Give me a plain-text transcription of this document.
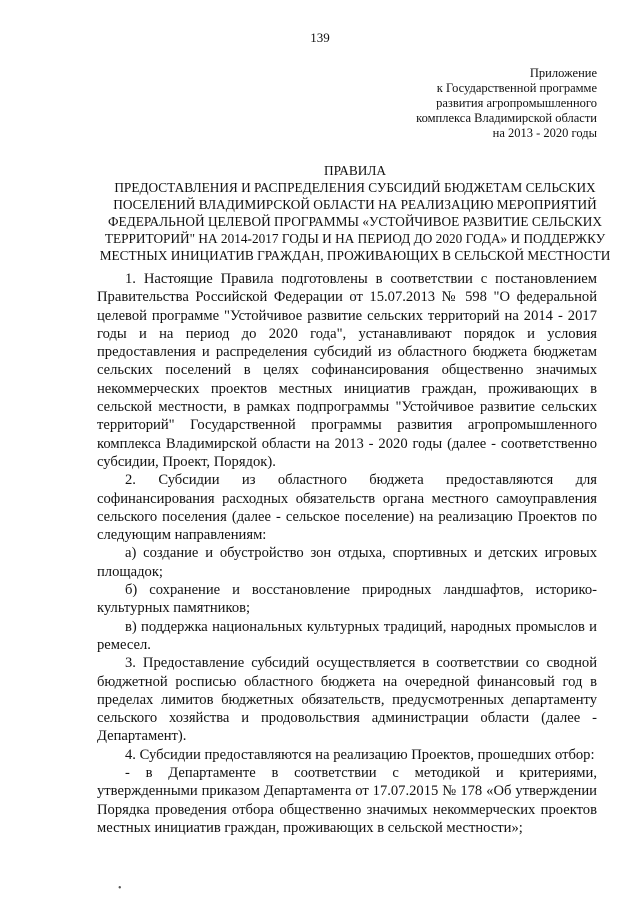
139
Приложение
к Государственной программе
развития агропромышленного
комплекса Владимирской области
на 2013 - 2020 годы
ПРАВИЛА
ПРЕДОСТАВЛЕНИЯ И РАСПРЕДЕЛЕНИЯ СУБСИДИЙ БЮДЖЕТАМ СЕЛЬСКИХ
ПОСЕЛЕНИЙ ВЛАДИМИРСКОЙ ОБЛАСТИ НА РЕАЛИЗАЦИЮ МЕРОПРИЯТИЙ
ФЕДЕРАЛЬНОЙ ЦЕЛЕВОЙ ПРОГРАММЫ «УСТОЙЧИВОЕ РАЗВИТИЕ СЕЛЬСКИХ
ТЕРРИТОРИЙ" НА 2014-2017 ГОДЫ И НА ПЕРИОД ДО 2020 ГОДА» И ПОДДЕРЖКУ
МЕСТНЫХ ИНИЦИАТИВ ГРАЖДАН, ПРОЖИВАЮЩИХ В СЕЛЬСКОЙ МЕСТНОСТИ

1. Настоящие Правила подготовлены в соответствии с постановлением Правительства Российской Федерации от 15.07.2013 № 598 "О федеральной целевой программе "Устойчивое развитие сельских территорий на 2014 - 2017 годы и на период до 2020 года", устанавливают порядок и условия предоставления и распределения субсидий из областного бюджета бюджетам сельских поселений в целях софинансирования общественно значимых некоммерческих проектов местных инициатив граждан, проживающих в сельской местности, в рамках подпрограммы "Устойчивое развитие сельских территорий" Государственной программы развития агропромышленного комплекса Владимирской области на 2013 - 2020 годы (далее - соответственно субсидии, Проект, Порядок).

2. Субсидии из областного бюджета предоставляются для софинансирования расходных обязательств органа местного самоуправления сельского поселения (далее - сельское поселение) на реализацию Проектов по следующим направлениям:

а) создание и обустройство зон отдыха, спортивных и детских игровых площадок;

б) сохранение и восстановление природных ландшафтов, историко-культурных памятников;

в) поддержка национальных культурных традиций, народных промыслов и ремесел.

3. Предоставление субсидий осуществляется в соответствии со сводной бюджетной росписью областного бюджета на очередной финансовый год в пределах лимитов бюджетных обязательств, предусмотренных департаменту сельского хозяйства и продовольствия администрации области (далее - Департамент).

4. Субсидии предоставляются на реализацию Проектов, прошедших отбор:

- в Департаменте в соответствии с методикой и критериями, утвержденными приказом Департамента от 17.07.2015 № 178 «Об утверждении Порядка проведения отбора общественно значимых некоммерческих проектов местных инициатив граждан, проживающих в сельской местности»;

•
